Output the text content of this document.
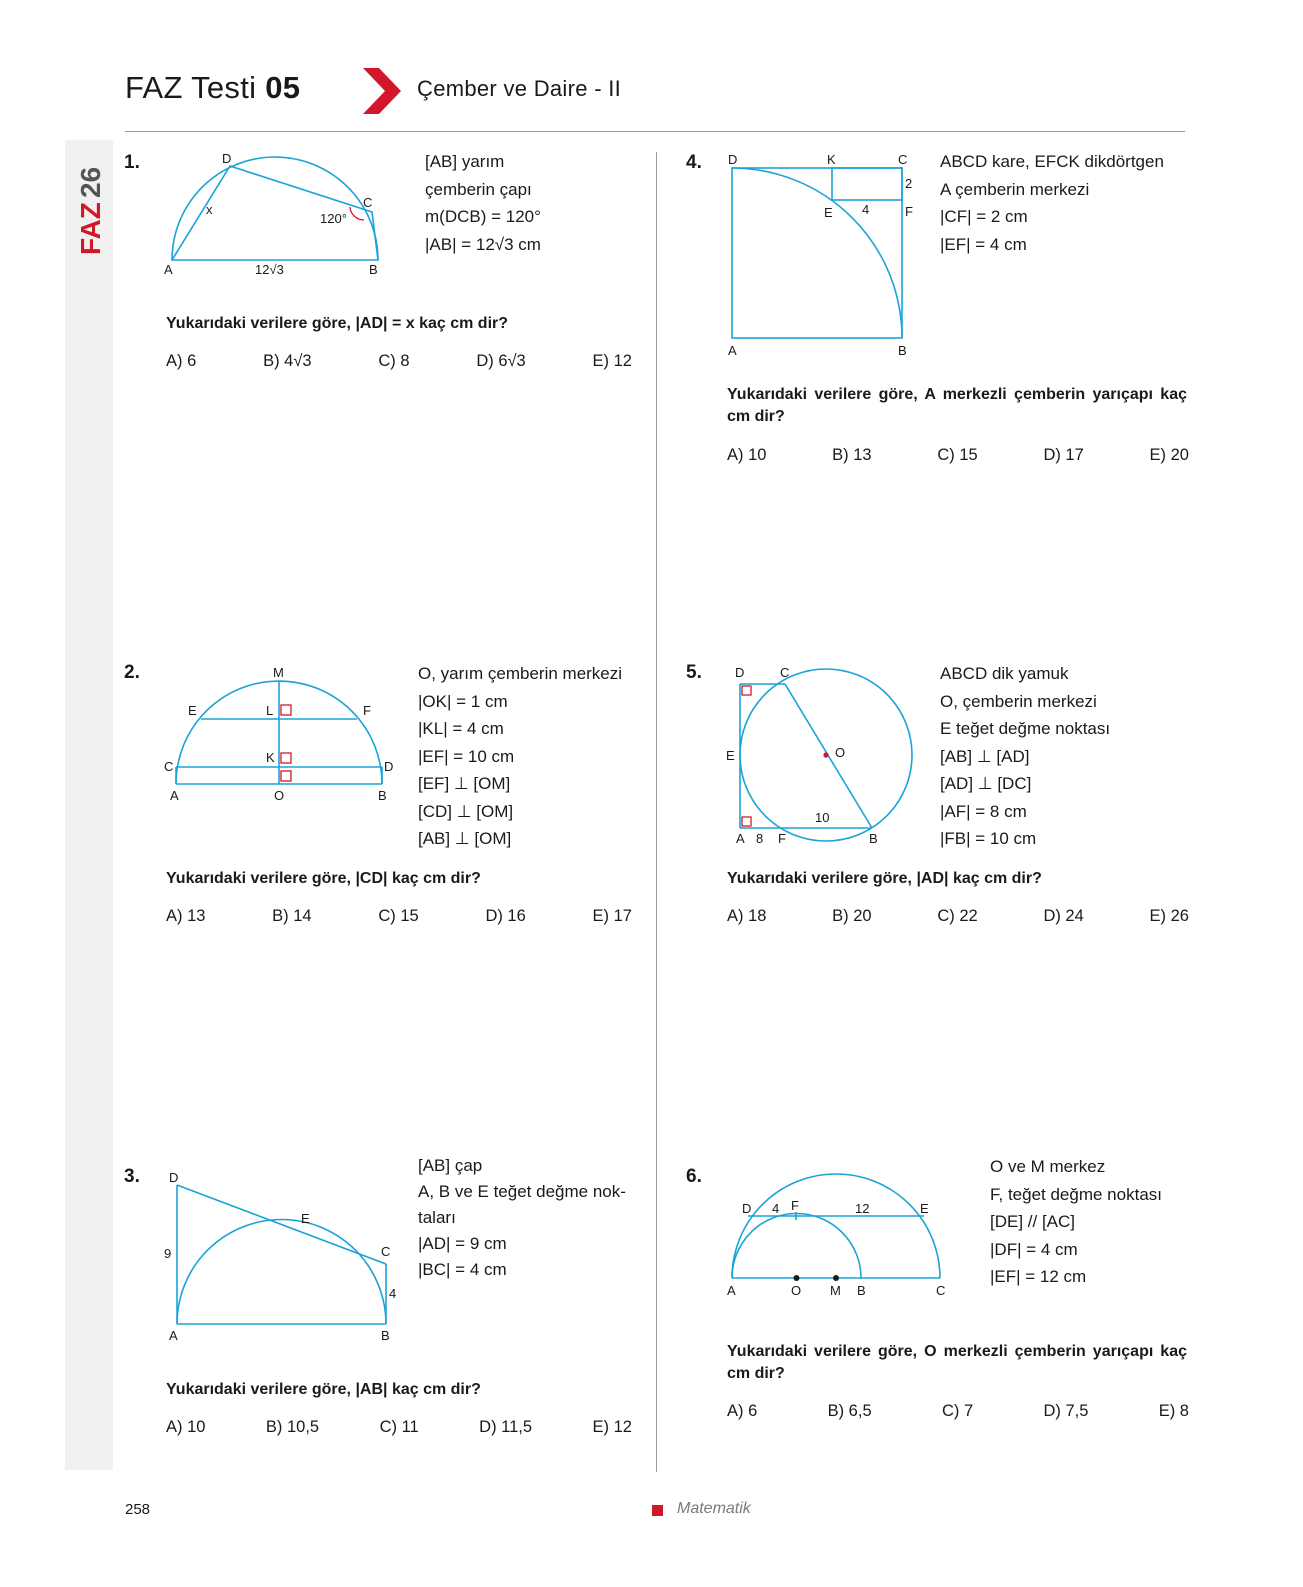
FAZ Testi 05	Çember ve Daire - II
FAZ
26
1.	D
C
A	B
x
120°
12√3
[AB] yarım
çemberin çapı
m(DCB) = 120°
|AB| = 12√3 cm
Yukarıdaki verilere göre, |AD| = x kaç cm dir?
A) 6	B) 4√3	C) 8	D) 6√3	E) 12
2.	M
E	L	F
C
K
D
A	O	B
O, yarım çemberin merkezi
|OK| = 1 cm
|KL| = 4 cm
|EF| = 10 cm
[EF] ⊥ [OM]
[CD] ⊥ [OM]
[AB] ⊥ [OM]
Yukarıdaki verilere göre, |CD| kaç cm dir?
A) 13	B) 14	C) 15	D) 16	E) 17
3. D
E
C
A	B
9
4
[AB] çap
A, B ve E teğet değme nok-
taları
|AD| = 9 cm
|BC| = 4 cm
Yukarıdaki verilere göre, |AB| kaç cm dir?
A) 10	B) 10,5	C) 11	D) 11,5	E) 12
4. D	K	C
E	F
A	B
2
4
ABCD kare, EFCK dikdörtgen
A çemberin merkezi
|CF| = 2 cm
|EF| = 4 cm
Yukarıdaki verilere göre, A merkezli çemberin yarıçapı kaç cm dir?
A) 10	B) 13	C) 15	D) 17	E) 20
5.	D	C
E	O
A	F	B
8
10
ABCD dik yamuk
O, çemberin merkezi
E teğet değme noktası
[AB] ⊥ [AD]
[AD] ⊥ [DC]
|AF| = 8 cm
|FB| = 10 cm
Yukarıdaki verilere göre, |AD| kaç cm dir?
A) 18	B) 20	C) 22	D) 24	E) 26
6.
D	F	E
A	O M B	C
4	12
O ve M merkez
F, teğet değme noktası
[DE] // [AC]
|DF| = 4 cm
|EF| = 12 cm
Yukarıdaki verilere göre, O merkezli çemberin yarıçapı kaç cm dir?
A) 6	B) 6,5	C) 7	D) 7,5	E) 8
258	Matematik
